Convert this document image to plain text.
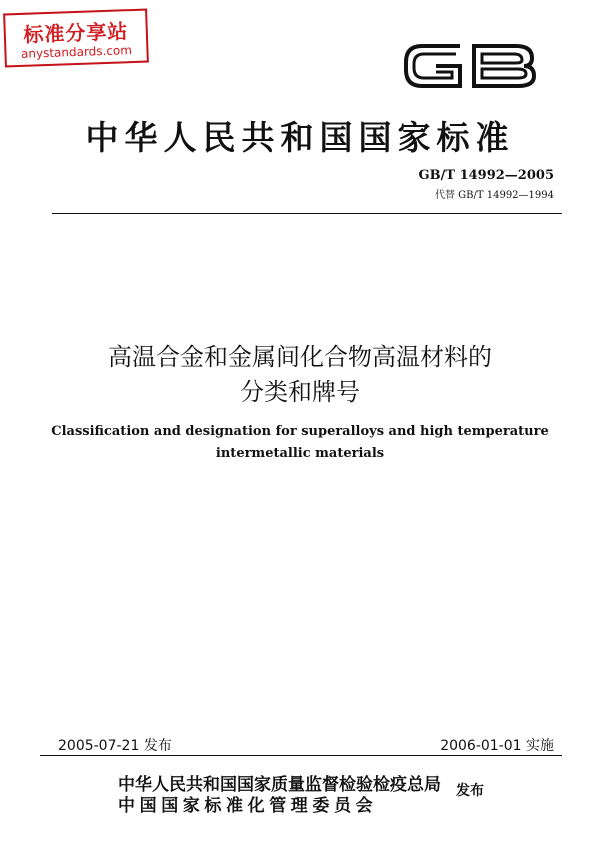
标准分享站
anystandards.com
中华人民共和国国家标准
GB/T 14992—2005
代替 GB/T 14992—1994
高温合金和金属间化合物高温材料的
分类和牌号
Classification and designation for superalloys and high temperature
intermetallic materials
2005-07-21 发布	2006-01-01 实施
中华人民共和国国家质量监督检验检疫总局
中国国家标准化管理委员会
发布
